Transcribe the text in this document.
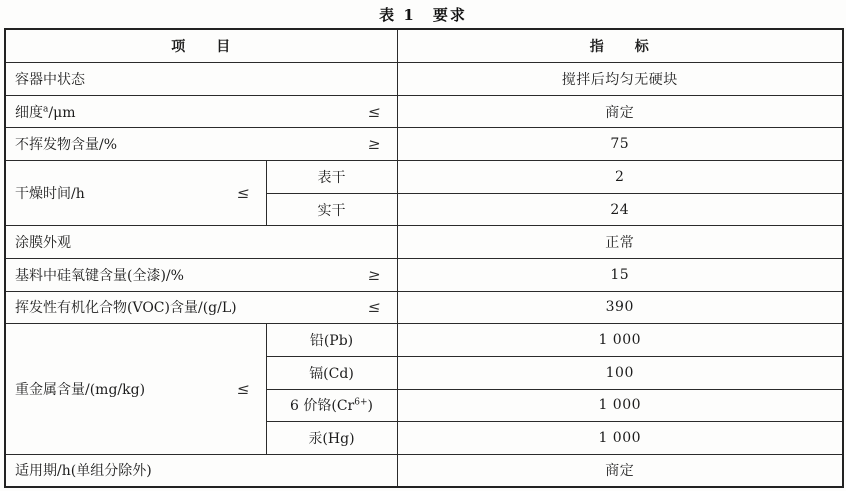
表 1　要求
项　　目		指　　标

容器中状态		搅拌后均匀无硬块

细度$^a$/μm ≤		商定

不挥发物含量/% ≥		75

干燥时间/h ≤	表干	2
	实干	24

涂膜外观		正常

基料中硅氧键含量(全漆)/% ≥		15

挥发性有机化合物(VOC)含量/(g/L) ≤		390

重金属含量/(mg/kg) ≤	铅(Pb)	1 000
	镉(Cd)	100
	6 价铬$(Cr^{6+})$	1 000
	汞(Hg)	1 000

适用期/h(单组分除外)		商定
